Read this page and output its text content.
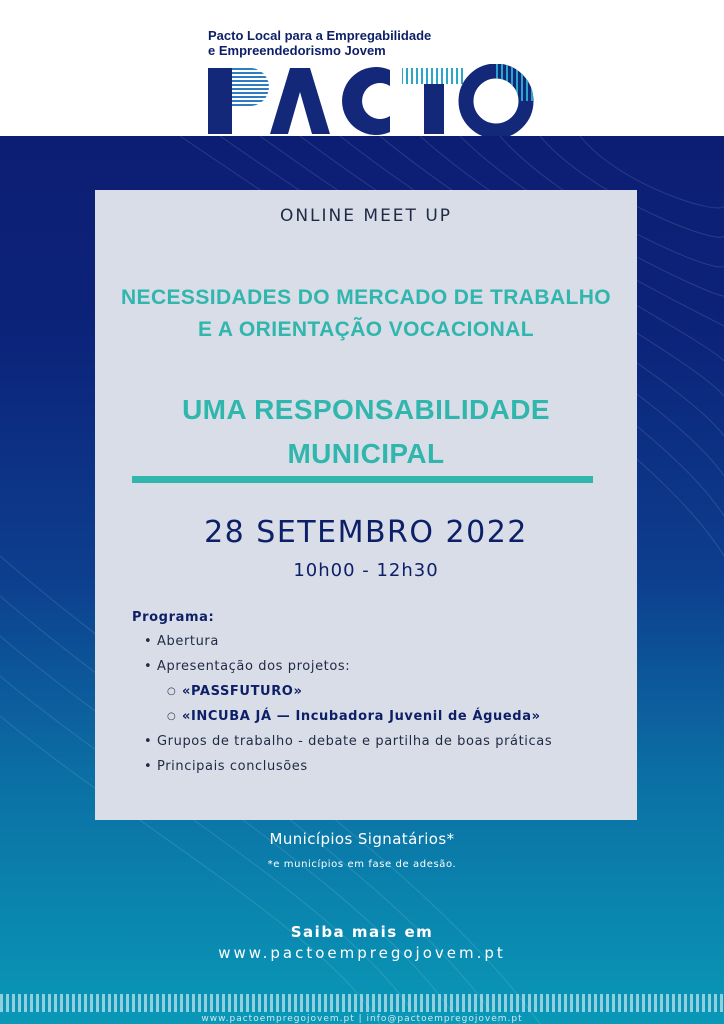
Pacto Local para a Empregabilidade
e Empreendedorismo Jovem
ONLINE MEET UP
NECESSIDADES DO MERCADO DE TRABALHO
E A ORIENTAÇÃO VOCACIONAL
UMA RESPONSABILIDADE
MUNICIPAL
28 SETEMBRO 2022
10h00 - 12h30
Programa:
• Abertura
• Apresentação dos projetos:
○ «PASSFUTURO»
○ «INCUBA JÁ — Incubadora Juvenil de Águeda»
• Grupos de trabalho - debate e partilha de boas práticas
• Principais conclusões
Municípios Signatários*
*e municípios em fase de adesão.
Saiba mais em
www.pactoempregojovem.pt
www.pactoempregojovem.pt | info@pactoempregojovem.pt
